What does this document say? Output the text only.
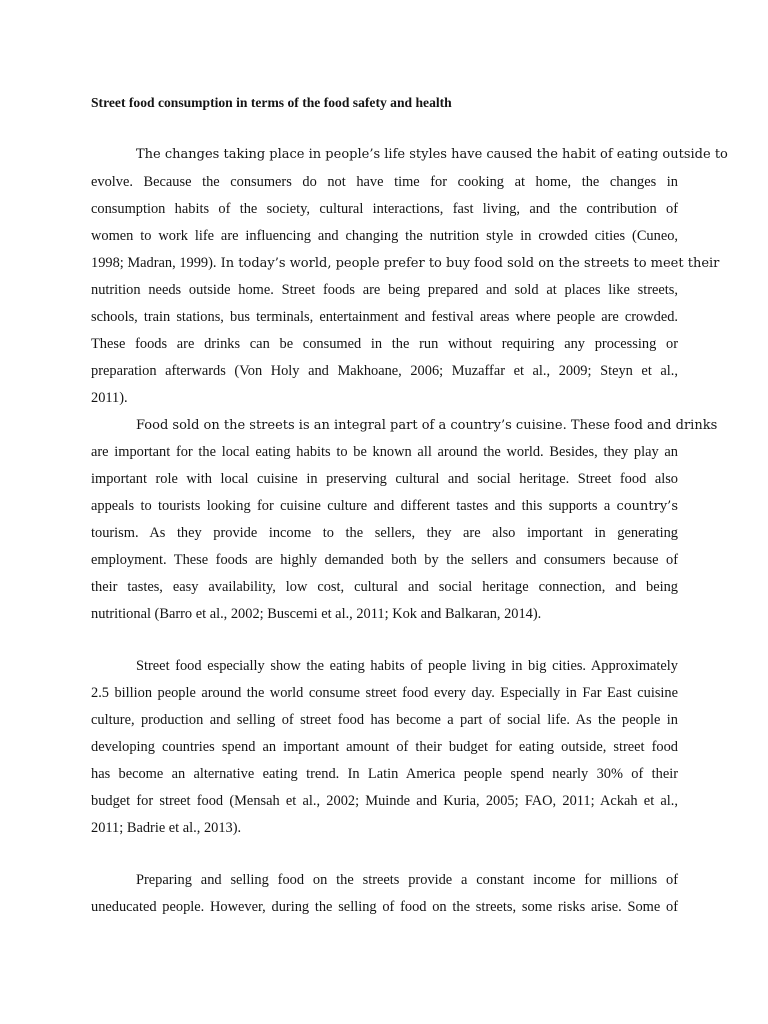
Street food consumption in terms of the food safety and health
The changes taking place in people’s life styles have caused the habit of eating outside to
evolve. Because the consumers do not have time for cooking at home, the changes in
consumption habits of the society, cultural interactions, fast living, and the contribution of
women to work life are influencing and changing the nutrition style in crowded cities (Cuneo,
1998; Madran, 1999). In today’s world, people prefer to buy food sold on the streets to meet their
nutrition needs outside home. Street foods are being prepared and sold at places like streets,
schools, train stations, bus terminals, entertainment and festival areas where people are crowded.
These foods are drinks can be consumed in the run without requiring any processing or
preparation afterwards (Von Holy and Makhoane, 2006; Muzaffar et al., 2009; Steyn et al.,
2011).
Food sold on the streets is an integral part of a country’s cuisine. These food and drinks
are important for the local eating habits to be known all around the world. Besides, they play an
important role with local cuisine in preserving cultural and social heritage. Street food also
appeals to tourists looking for cuisine culture and different tastes and this supports a country’s
tourism. As they provide income to the sellers, they are also important in generating
employment. These foods are highly demanded both by the sellers and consumers because of
their tastes, easy availability, low cost, cultural and social heritage connection, and being
nutritional (Barro et al., 2002; Buscemi et al., 2011; Kok and Balkaran, 2014).
Street food especially show the eating habits of people living in big cities. Approximately
2.5 billion people around the world consume street food every day. Especially in Far East cuisine
culture, production and selling of street food has become a part of social life. As the people in
developing countries spend an important amount of their budget for eating outside, street food
has become an alternative eating trend. In Latin America people spend nearly 30% of their
budget for street food (Mensah et al., 2002; Muinde and Kuria, 2005; FAO, 2011; Ackah et al.,
2011; Badrie et al., 2013).
Preparing and selling food on the streets provide a constant income for millions of
uneducated people. However, during the selling of food on the streets, some risks arise. Some of
